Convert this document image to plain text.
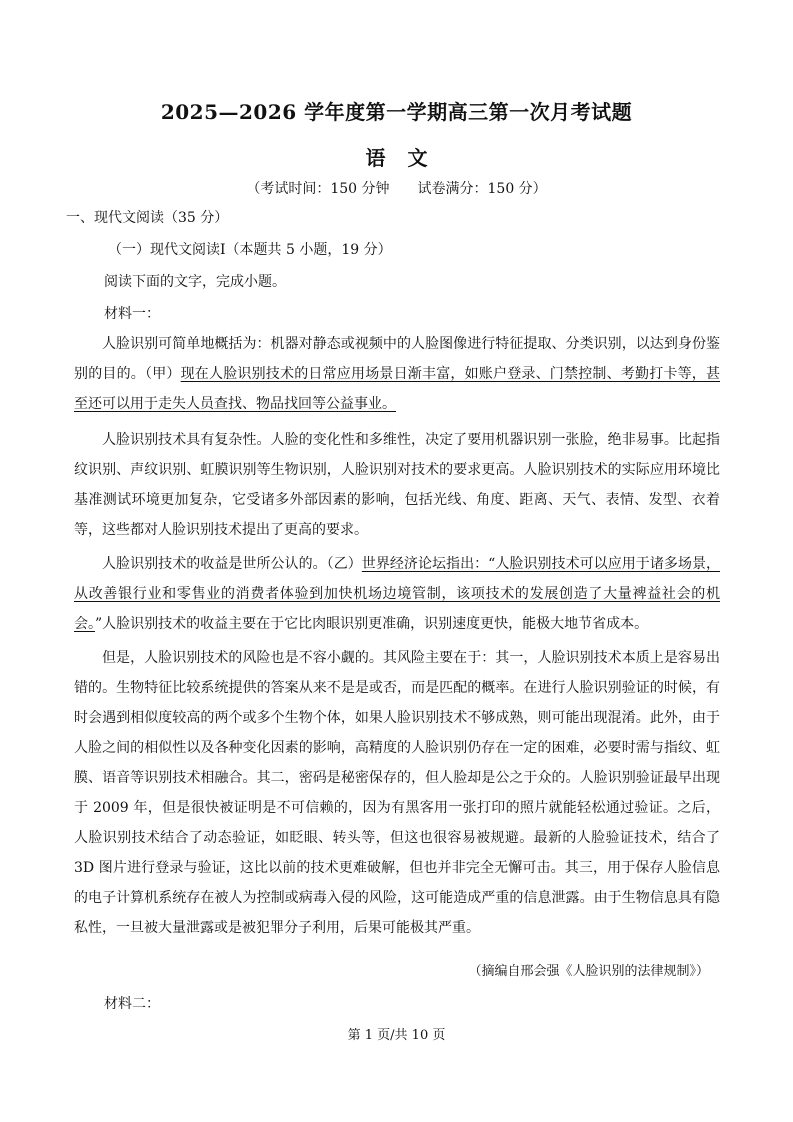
2025—2026 学年度第一学期高三第一次月考试题
语文
（考试时间：150 分钟　　试卷满分：150 分）
一、现代文阅读（35 分）
（一）现代文阅读Ⅰ（本题共 5 小题，19 分）
阅读下面的文字，完成小题。
材料一：
人脸识别可简单地概括为：机器对静态或视频中的人脸图像进行特征提取、分类识别，以达到身份鉴别的目的。（甲）现在人脸识别技术的日常应用场景日渐丰富，如账户登录、门禁控制、考勤打卡等，甚至还可以用于走失人员查找、物品找回等公益事业。
人脸识别技术具有复杂性。人脸的变化性和多维性，决定了要用机器识别一张脸，绝非易事。比起指纹识别、声纹识别、虹膜识别等生物识别，人脸识别对技术的要求更高。人脸识别技术的实际应用环境比基准测试环境更加复杂，它受诸多外部因素的影响，包括光线、角度、距离、天气、表情、发型、衣着等，这些都对人脸识别技术提出了更高的要求。
人脸识别技术的收益是世所公认的。（乙）世界经济论坛指出：“人脸识别技术可以应用于诸多场景，从改善银行业和零售业的消费者体验到加快机场边境管制，该项技术的发展创造了大量裨益社会的机会。”人脸识别技术的收益主要在于它比肉眼识别更准确，识别速度更快，能极大地节省成本。
但是，人脸识别技术的风险也是不容小觑的。其风险主要在于：其一，人脸识别技术本质上是容易出错的。生物特征比较系统提供的答案从来不是是或否，而是匹配的概率。在进行人脸识别验证的时候，有时会遇到相似度较高的两个或多个生物个体，如果人脸识别技术不够成熟，则可能出现混淆。此外，由于人脸之间的相似性以及各种变化因素的影响，高精度的人脸识别仍存在一定的困难，必要时需与指纹、虹膜、语音等识别技术相融合。其二，密码是秘密保存的，但人脸却是公之于众的。人脸识别验证最早出现于 2009 年，但是很快被证明是不可信赖的，因为有黑客用一张打印的照片就能轻松通过验证。之后，人脸识别技术结合了动态验证，如眨眼、转头等，但这也很容易被规避。最新的人脸验证技术，结合了 3D 图片进行登录与验证，这比以前的技术更难破解，但也并非完全无懈可击。其三，用于保存人脸信息的电子计算机系统存在被人为控制或病毒入侵的风险，这可能造成严重的信息泄露。由于生物信息具有隐私性，一旦被大量泄露或是被犯罪分子利用，后果可能极其严重。
（摘编自邢会强《人脸识别的法律规制》）
材料二：
第 1 页/共 10 页
